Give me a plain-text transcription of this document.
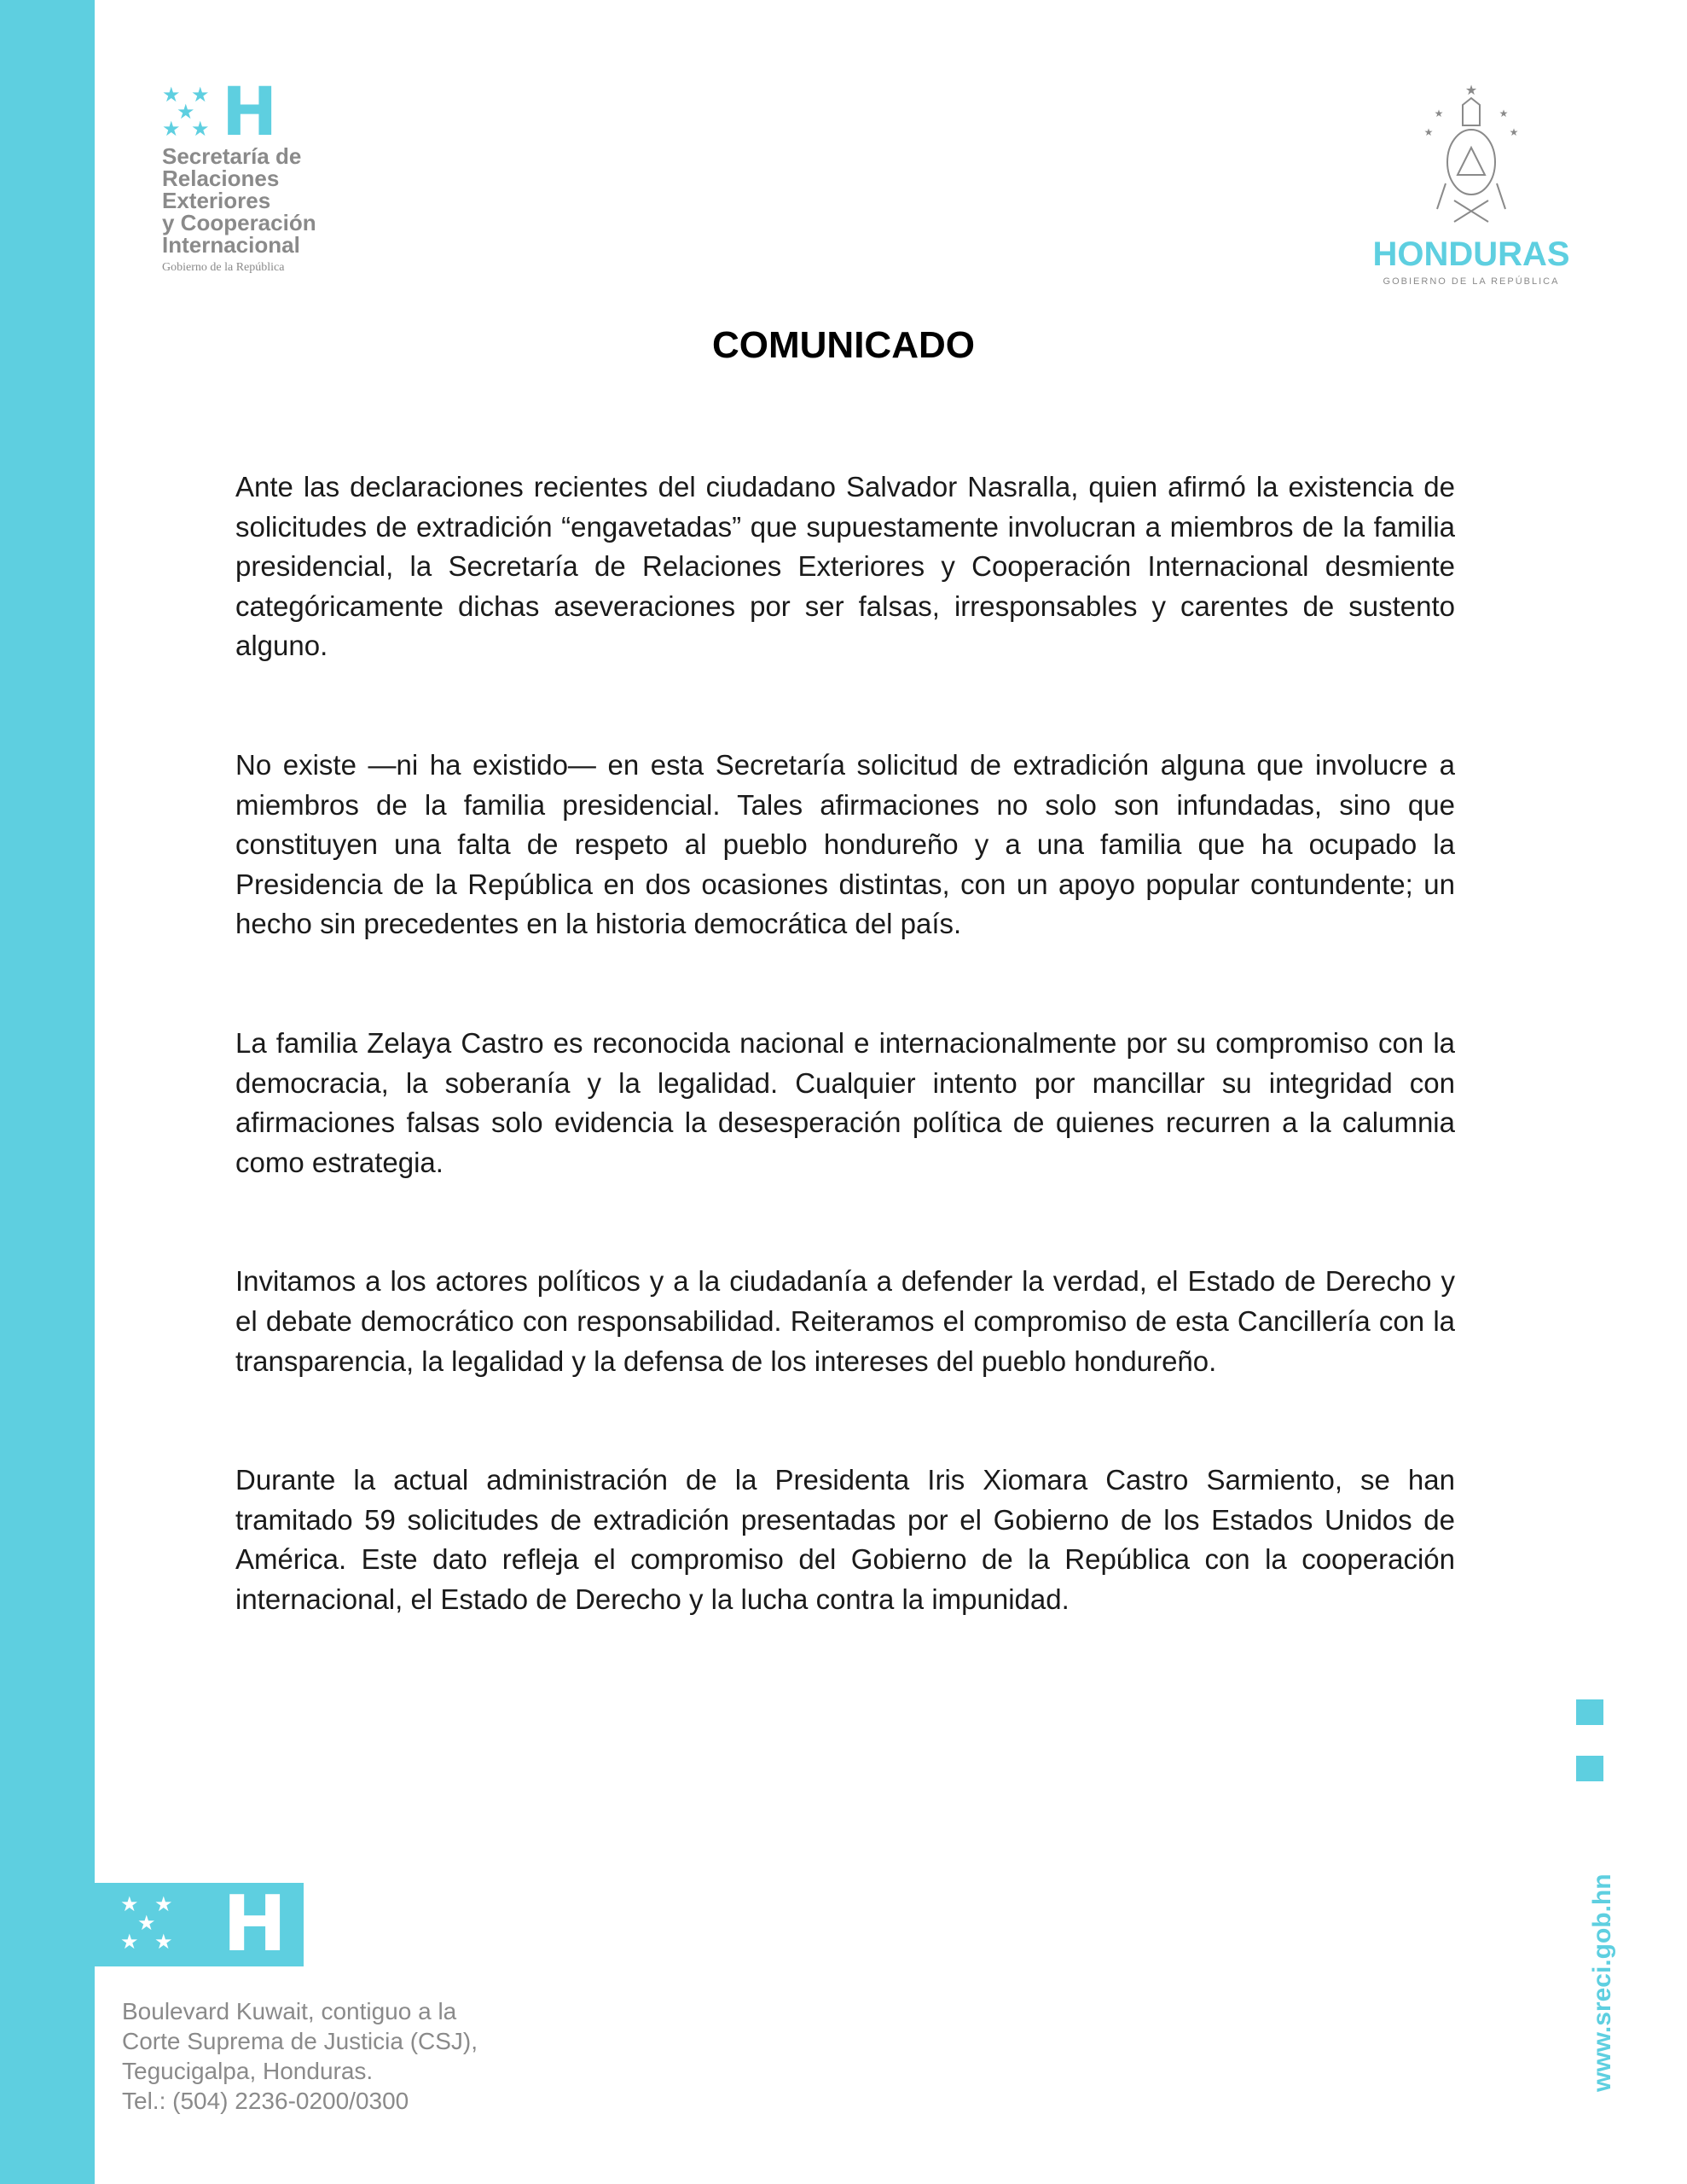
★ ★
★
★ ★ H
Secretaría de
Relaciones
Exteriores
y Cooperación
Internacional
Gobierno de la República
★
★	★
★	★
HONDURAS
GOBIERNO DE LA REPÚBLICA
COMUNICADO

Ante las declaraciones recientes del ciudadano Salvador Nasralla, quien afirmó la existencia de solicitudes de extradición “engavetadas” que supuestamente involucran a miembros de la familia presidencial, la Secretaría de Relaciones Exteriores y Cooperación Internacional desmiente categóricamente dichas aseveraciones por ser falsas, irresponsables y carentes de sustento alguno.

No existe —ni ha existido— en esta Secretaría solicitud de extradición alguna que involucre a miembros de la familia presidencial. Tales afirmaciones no solo son infundadas, sino que constituyen una falta de respeto al pueblo hondureño y a una familia que ha ocupado la Presidencia de la República en dos ocasiones distintas, con un apoyo popular contundente; un hecho sin precedentes en la historia democrática del país.

La familia Zelaya Castro es reconocida nacional e internacionalmente por su compromiso con la democracia, la soberanía y la legalidad. Cualquier intento por mancillar su integridad con afirmaciones falsas solo evidencia la desesperación política de quienes recurren a la calumnia como estrategia.

Invitamos a los actores políticos y a la ciudadanía a defender la verdad, el Estado de Derecho y el debate democrático con responsabilidad. Reiteramos el compromiso de esta Cancillería con la transparencia, la legalidad y la defensa de los intereses del pueblo hondureño.

Durante la actual administración de la Presidenta Iris Xiomara Castro Sarmiento, se han tramitado 59 solicitudes de extradición presentadas por el Gobierno de los Estados Unidos de América. Este dato refleja el compromiso del Gobierno de la República con la cooperación internacional, el Estado de Derecho y la lucha contra la impunidad.

★ ★
★
★ ★ H
Boulevard Kuwait, contiguo a la
Corte Suprema de Justicia (CSJ),
Tegucigalpa, Honduras.
Tel.: (504) 2236-0200/0300
www.sreci.gob.hn
